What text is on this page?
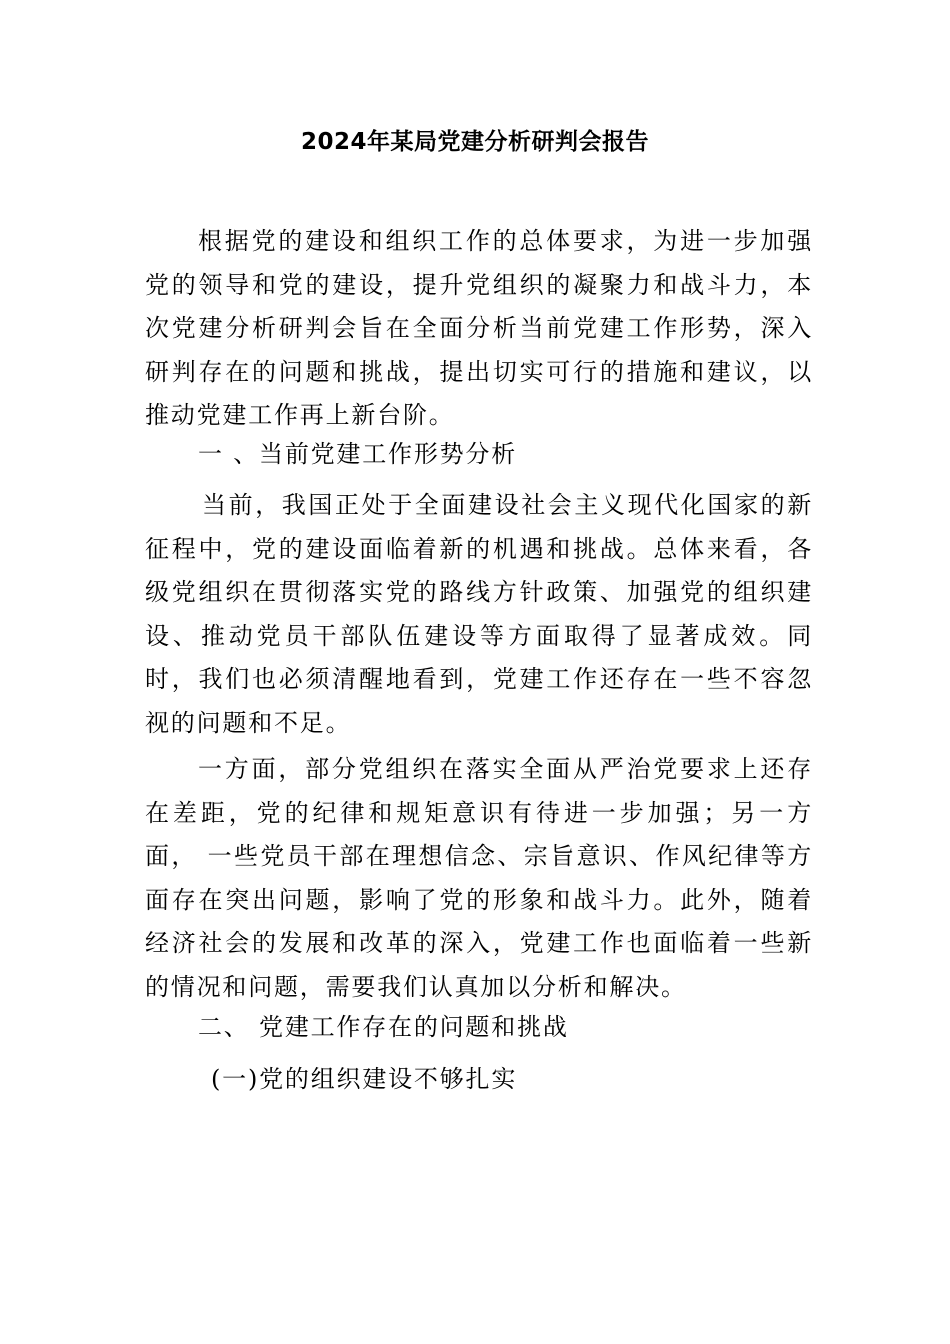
2024年某局党建分析研判会报告

根据党的建设和组织工作的总体要求，为进一步加强党的领导和党的建设，提升党组织的凝聚力和战斗力，本次党建分析研判会旨在全面分析当前党建工作形势，深入研判存在的问题和挑战，提出切实可行的措施和建议，以推动党建工作再上新台阶。

一 、当前党建工作形势分析

当前，我国正处于全面建设社会主义现代化国家的新征程中，党的建设面临着新的机遇和挑战。总体来看，各级党组织在贯彻落实党的路线方针政策、加强党的组织建设、推动党员干部队伍建设等方面取得了显著成效。同时，我们也必须清醒地看到，党建工作还存在一些不容忽视的问题和不足。

一方面，部分党组织在落实全面从严治党要求上还存在差距，党的纪律和规矩意识有待进一步加强；另一方面， 一些党员干部在理想信念、宗旨意识、作风纪律等方面存在突出问题，影响了党的形象和战斗力。此外，随着经济社会的发展和改革的深入，党建工作也面临着一些新的情况和问题，需要我们认真加以分析和解决。

二、 党建工作存在的问题和挑战

(一)党的组织建设不够扎实
